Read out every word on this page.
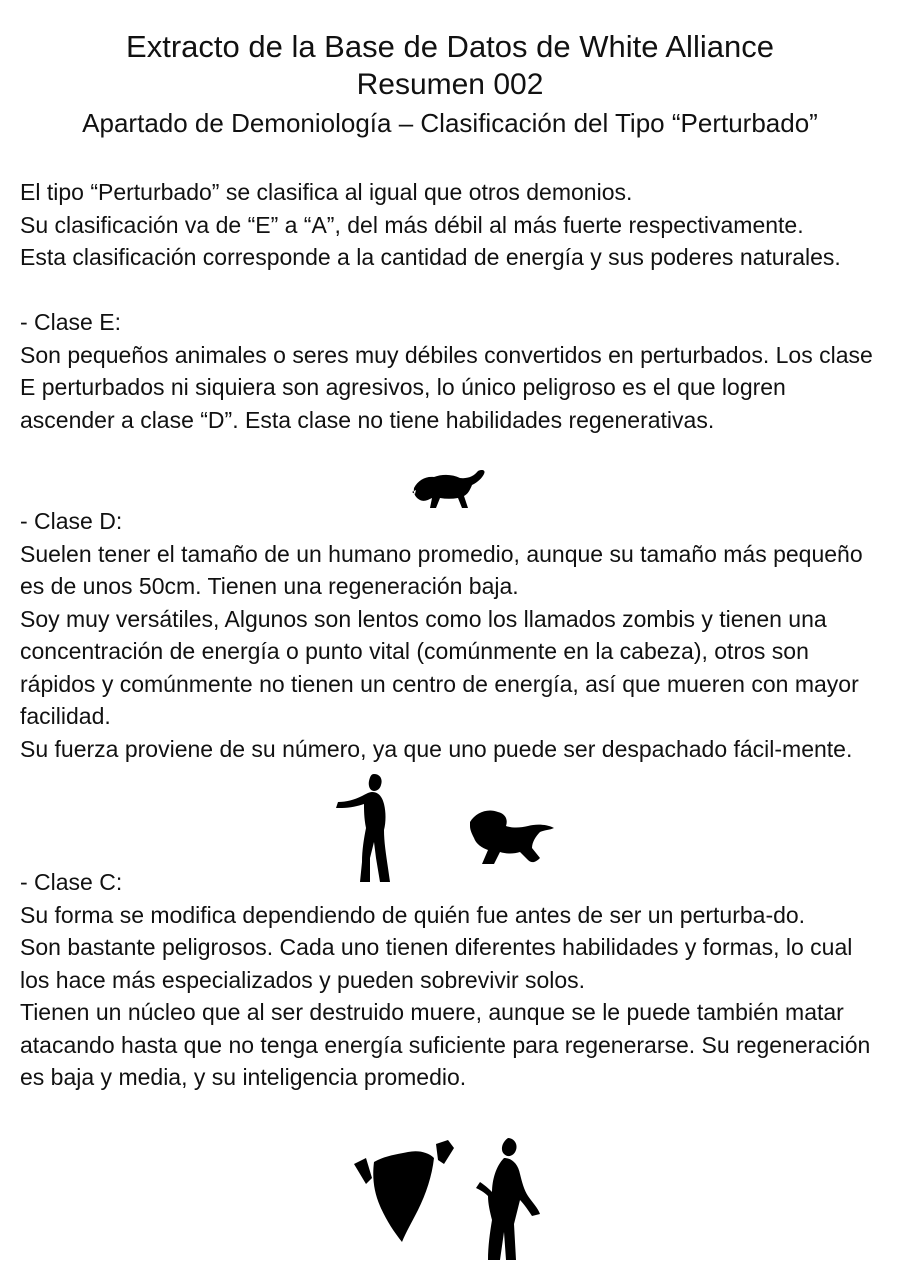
Extracto de la Base de Datos de White Alliance
Resumen 002
Apartado de Demoniología – Clasificación del Tipo “Perturbado”

El tipo “Perturbado” se clasifica al igual que otros demonios.

Su clasificación va de “E” a “A”, del más débil al más fuerte respectivamente.

Esta clasificación corresponde a la cantidad de energía y sus poderes naturales.

- Clase E:

Son pequeños animales o seres muy débiles convertidos en perturbados. Los clase E perturbados ni siquiera son agresivos, lo único peligroso es el que logren ascender a clase “D”. Esta clase no tiene habilidades regenerativas.

- Clase D:

Suelen tener el tamaño de un humano promedio, aunque su tamaño más pequeño es de unos 50cm. Tienen una regeneración baja.

Soy muy versátiles, Algunos son lentos como los llamados zombis y tienen una concentración de energía o punto vital (comúnmente en la cabeza), otros son rápidos y comúnmente no tienen un centro de energía, así que mueren con mayor facilidad.

Su fuerza proviene de su número, ya que uno puede ser despachado fácil-mente.

- Clase C:

Su forma se modifica dependiendo de quién fue antes de ser un perturba-do.

Son bastante peligrosos. Cada uno tienen diferentes habilidades y formas, lo cual los hace más especializados y pueden sobrevivir solos.

Tienen un núcleo que al ser destruido muere, aunque se le puede también matar atacando hasta que no tenga energía suficiente para regenerarse. Su regeneración es baja y media, y su inteligencia promedio.
